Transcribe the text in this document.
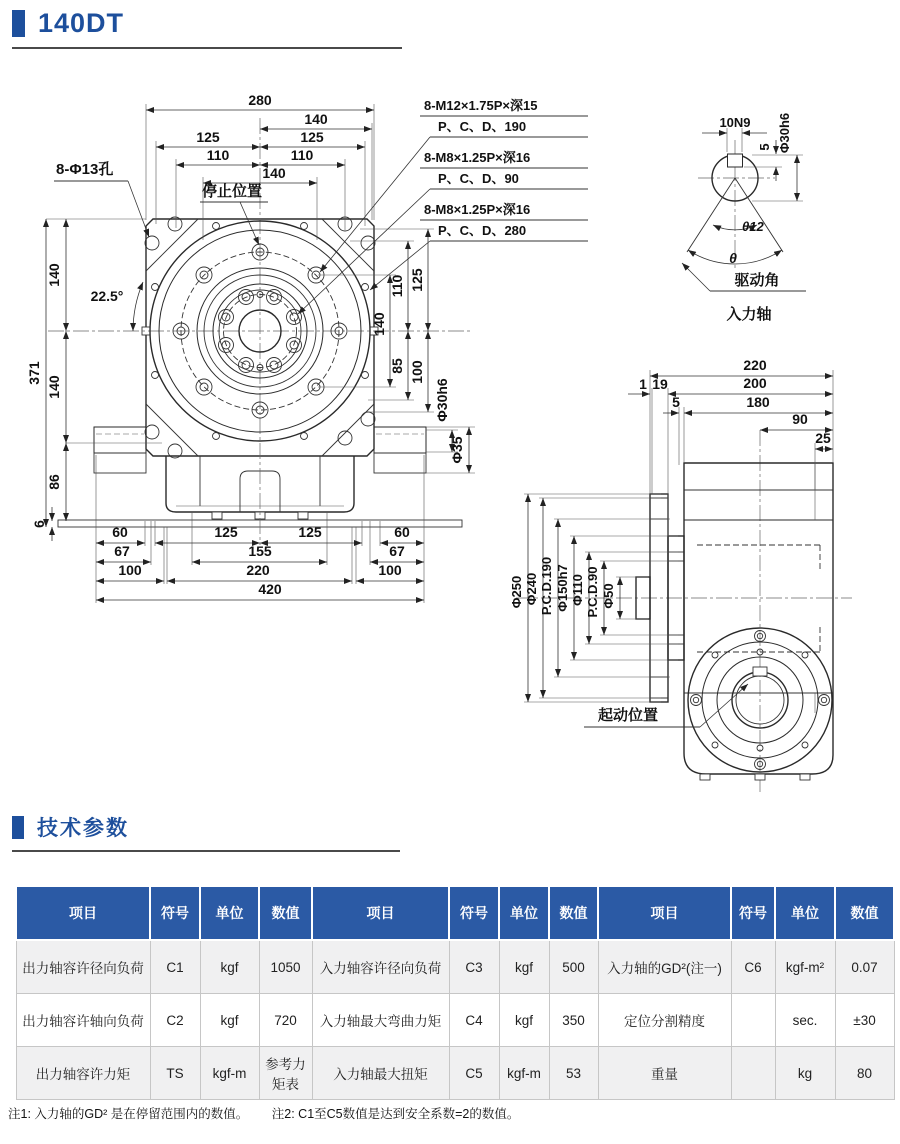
140DT
280
140
125	125
110	110
140
371
140
140
86
6
22.5°
140
110
85
125
100
Φ30h6
Φ35
60	125	125	60
67	155	67
100	220	100
420
8-Φ13孔
停止位置
8-M12×1.75P×深15
P、C、D、190
8-M8×1.25P×深16
P、C、D、90
8-M8×1.25P×深16
P、C、D、280
10N9
5 Φ30h6
θ12
θ
驱动角
入力轴
220
200
1 19
5	180
90
25
Φ250 Φ240 P.C.D.190 Φ150h7 Φ110 P.C.D.90 Φ50
起动位置
技术参数
项目	符号	单位	数值	项目	符号	单位	数值	项目	符号	单位	数值
出力轴容许径向负荷	C1	kgf	1050	入力轴容许径向负荷	C3	kgf	500	入力轴的GD²(注一)	C6	kgf-m²	0.07
出力轴容许轴向负荷	C2	kgf	720	入力轴最大弯曲力矩	C4	kgf	350	定位分割精度		sec.	±30
出力轴容许力矩	TS	kgf-m	参考力矩表	入力轴最大扭矩	C5	kgf-m	53	重量		kg	80
注1: 入力轴的GD² 是在停留范围内的数值。 注2: C1至C5数值是达到安全系数=2的数值。
